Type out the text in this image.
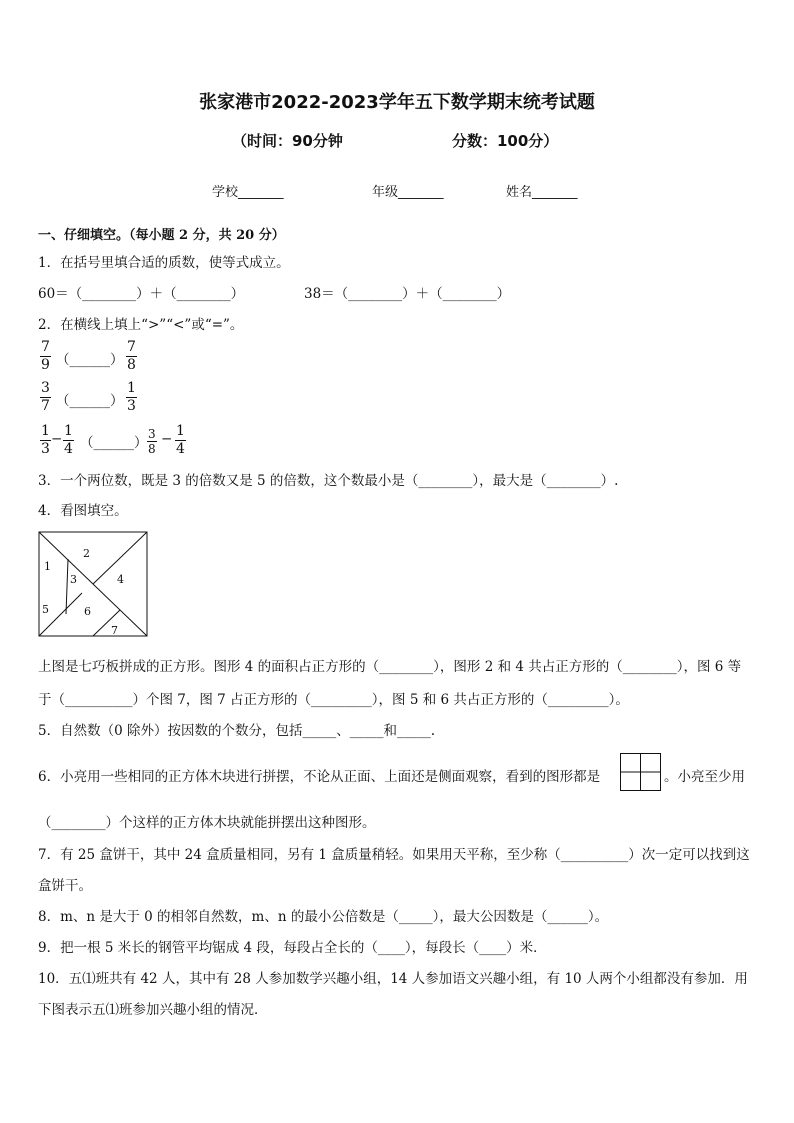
张家港市2022-2023学年五下数学期末统考试题
（时间：90分钟	分数：100分）
学校_______	年级_______	姓名_______
一、仔细填空。（每小题 2 分，共 20 分）
1．在括号里填合适的质数，使等式成立。
60＝（________）＋（________）	38＝（________）＋（________）
2．在横线上填上“>”“<”或“=”。
$\frac{7}{9}$ （______） $\frac{7}{8}$
$\frac{3}{7}$ （______） $\frac{1}{3}$
$\frac{1}{3} - \frac{1}{4}$ （______） $\frac{3}{8} - \frac{1}{4}$
3．一个两位数，既是 3 的倍数又是 5 的倍数，这个数最小是（________），最大是（________）.
4．看图填空。
1
2
3	4
5	6
7
上图是七巧板拼成的正方形。图形 4 的面积占正方形的（________），图形 2 和 4 共占正方形的（________），图 6 等
于（__________）个图 7，图 7 占正方形的（_________），图 5 和 6 共占正方形的（_________）。
5．自然数（0 除外）按因数的个数分，包括_____、_____和_____.
6．小亮用一些相同的正方体木块进行拼摆，不论从正面、上面还是侧面观察，看到的图形都是	。小亮至少用
（________）个这样的正方体木块就能拼摆出这种图形。
7．有 25 盒饼干，其中 24 盒质量相同，另有 1 盒质量稍轻。如果用天平称，至少称（__________）次一定可以找到这
盒饼干。
8．m、n 是大于 0 的相邻自然数，m、n 的最小公倍数是（_____），最大公因数是（______）。
9．把一根 5 米长的钢管平均锯成 4 段，每段占全长的（____），每段长（____）米．
10．五⑴班共有 42 人，其中有 28 人参加数学兴趣小组，14 人参加语文兴趣小组，有 10 人两个小组都没有参加．用
下图表示五⑴班参加兴趣小组的情况．
